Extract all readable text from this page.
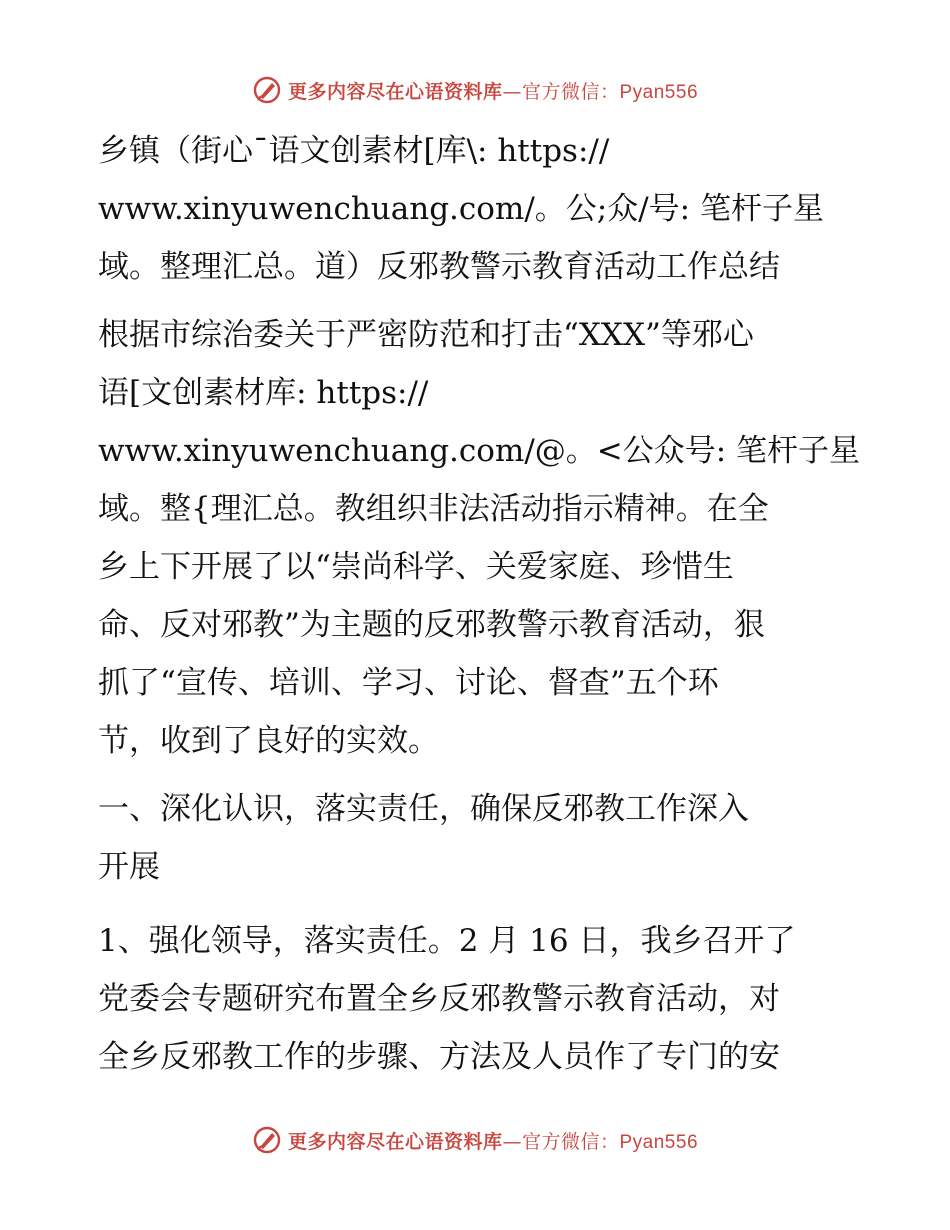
更多内容尽在心语资料库—官方微信：Pyan556
乡镇（街心¯语文创素材[库\: https://
www.xinyuwenchuang.com/。公;众/号: 笔杆子星
域。整理汇总。道）反邪教警示教育活动工作总结
根据市综治委关于严密防范和打击“XXX”等邪心
语[文创素材库: https://
www.xinyuwenchuang.com/@。<公众号: 笔杆子星
域。整{理汇总。教组织非法活动指示精神。在全
乡上下开展了以“崇尚科学、关爱家庭、珍惜生
命、反对邪教”为主题的反邪教警示教育活动，狠
抓了“宣传、培训、学习、讨论、督查”五个环
节，收到了良好的实效。
一、深化认识，落实责任，确保反邪教工作深入
开展
1、强化领导，落实责任。2 月 16 日，我乡召开了
党委会专题研究布置全乡反邪教警示教育活动，对
全乡反邪教工作的步骤、方法及人员作了专门的安
更多内容尽在心语资料库—官方微信：Pyan556
